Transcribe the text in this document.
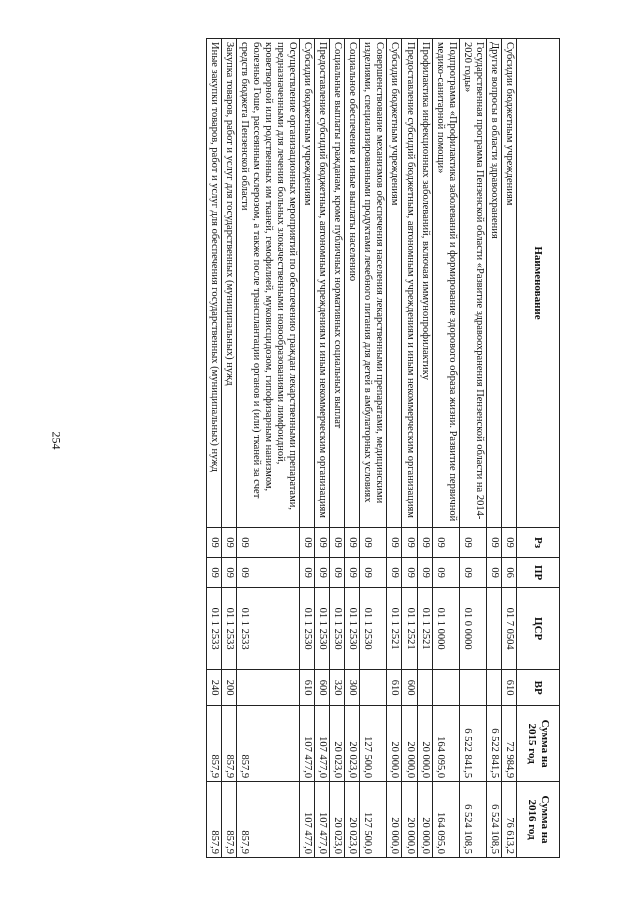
254
Наименование	Рз	ПР	ЦСР	ВР	Сумма на 2015 год	Сумма на 2016 год
Субсидии бюджетным учреждениям	09	06	01 7 0504	610	72 984,9	76 613,2
Другие вопросы в области здравоохранения	09	09			6 522 841,5	6 524 108,5
Государственная программа Пензенской области «Развитие здравоохранения Пензенской области на 2014-2020 годы»	09	09	01 0 0000		6 522 841,5	6 524 108,5
Подпрограмма «Профилактика заболеваний и формирование здорового образа жизни. Развитие первичной медико-санитарной помощи»	09	09	01 1 0000		164 095,0	164 095,0
Профилактика инфекционных заболеваний, включая иммунопрофилактику	09	09	01 1 2521		20 000,0	20 000,0
Предоставление субсидий бюджетным, автономным учреждениям и иным некоммерческим организациям	09	09	01 1 2521	600	20 000,0	20 000,0
Субсидии бюджетным учреждениям	09	09	01 1 2521	610	20 000,0	20 000,0
Совершенствование механизмов обеспечения населения лекарственными препаратами, медицинскими изделиями, специализированными продуктами лечебного питания для детей в амбулаторных условиях	09	09	01 1 2530		127 500,0	127 500,0
Социальное обеспечение и иные выплаты населению	09	09	01 1 2530	300	20 023,0	20 023,0
Социальные выплаты гражданам, кроме публичных нормативных социальных выплат	09	09	01 1 2530	320	20 023,0	20 023,0
Предоставление субсидий бюджетным, автономным учреждениям и иным некоммерческим организациям	09	09	01 1 2530	600	107 477,0	107 477,0
Субсидии бюджетным учреждениям	09	09	01 1 2530	610	107 477,0	107 477,0
Осуществление организационных мероприятий по обеспечению граждан лекарственными препаратами, предназначенными для лечения больных злокачественными новообразованиями лимфоидной, кроветворной или родственных им тканей, гемофилией, муковисцидозом, гипофизарным нанизмом, болезнью Гоше, рассеянным склерозом, а также после трансплантации органов и (или) тканей за счет средств бюджета Пензенской области	09	09	01 1 2533		857,9	857,9
Закупка товаров, работ и услуг для государственных (муниципальных) нужд	09	09	01 1 2533	200	857,9	857,9
Иные закупки товаров, работ и услуг для обеспечения государственных (муниципальных) нужд	09	09	01 1 2533	240	857,9	857,9
